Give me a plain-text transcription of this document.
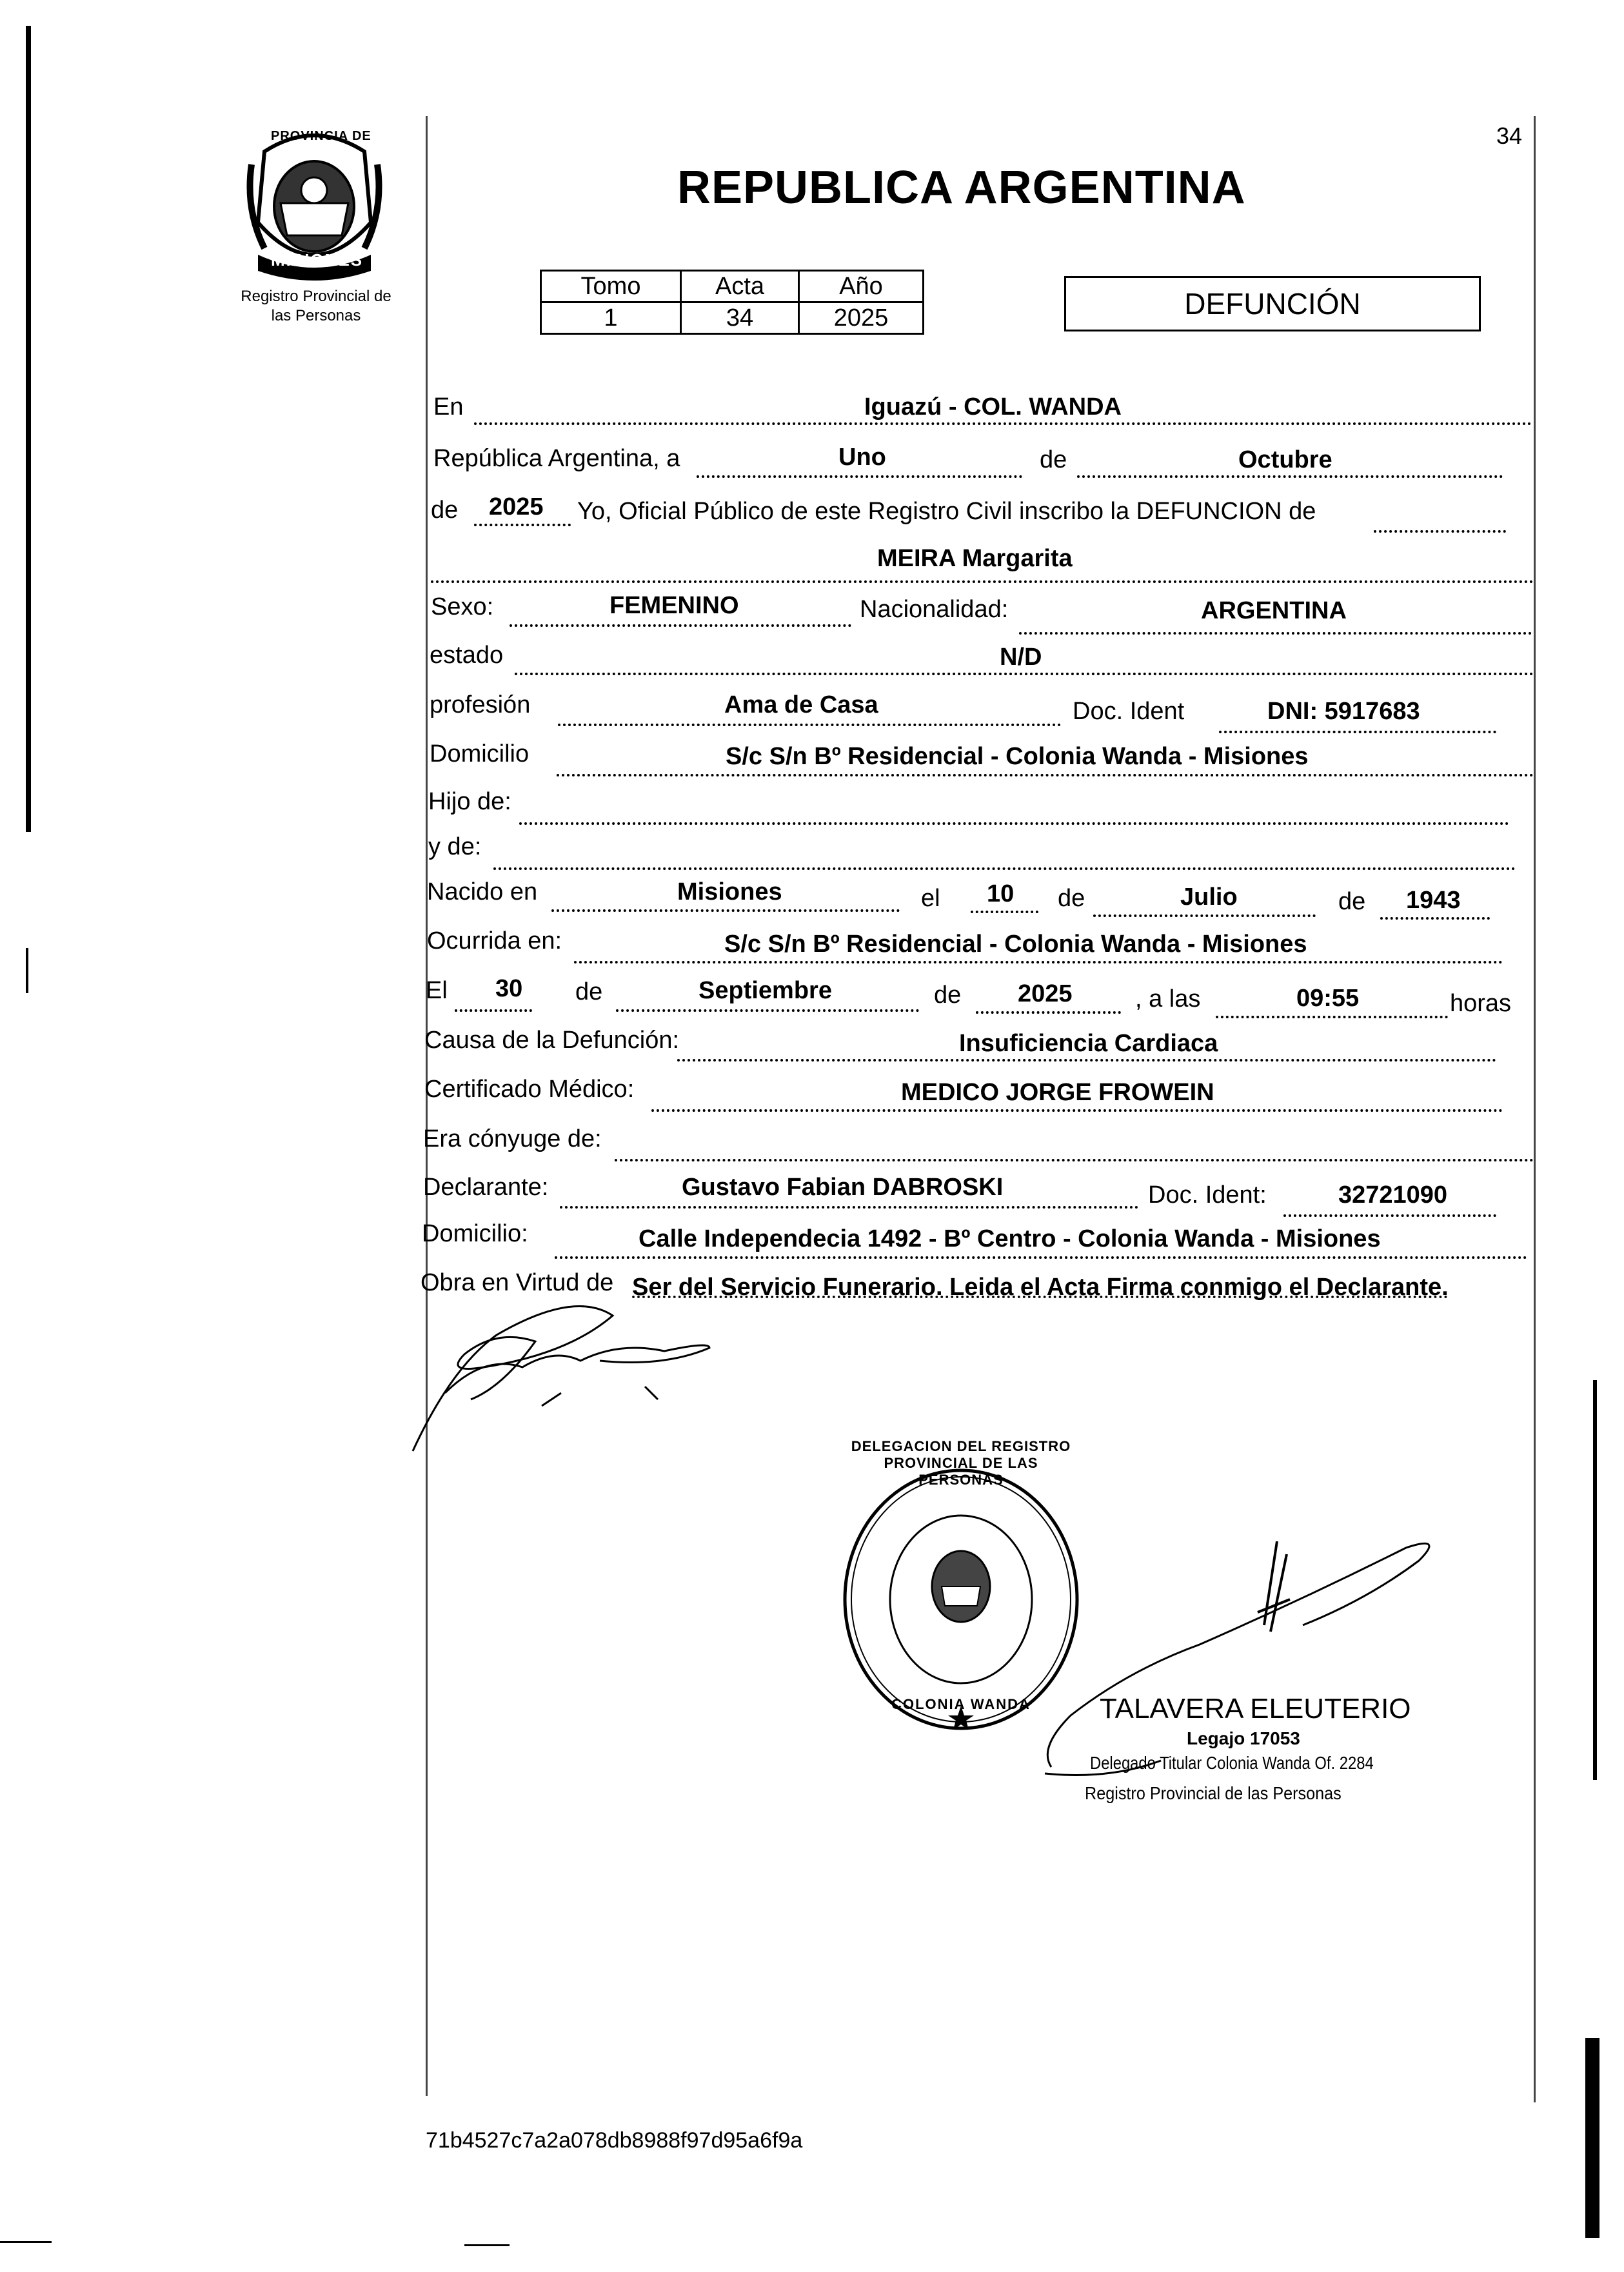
PROVINCIA DE
MISIONES
Registro Provincial de
las Personas
34
REPUBLICA ARGENTINA
Tomo	Acta	Año
1	34	2025	DEFUNCIÓN
En	Iguazú - COL. WANDA
República Argentina, a	Uno	de	Octubre
de 2025 Yo, Oficial Público de este Registro Civil inscribo la DEFUNCION de
MEIRA Margarita
Sexo:	FEMENINO	Nacionalidad:	ARGENTINA
estado	N/D
profesión	Ama de Casa	Doc. Ident	DNI: 5917683
Domicilio	S/c S/n Bº Residencial - Colonia Wanda - Misiones
Hijo de:
y de:
Nacido en	Misiones	el 10 de	Julio	de 1943
Ocurrida en:	S/c S/n Bº Residencial - Colonia Wanda - Misiones
El 30 de	Septiembre	de 2025	, a las	09:55	horas
Causa de la Defunción:	Insuficiencia Cardiaca
Certificado Médico:	MEDICO JORGE FROWEIN
Era cónyuge de:
Declarante:	Gustavo Fabian DABROSKI	Doc. Ident:	32721090
Domicilio:	Calle Independecia 1492 - Bº Centro - Colonia Wanda - Misiones
Obra en Virtud de Ser del Servicio Funerario. Leida el Acta Firma conmigo el Declarante.
DELEGACION DEL REGISTRO PROVINCIAL DE LAS PERSONAS
COLONIA WANDA	TALAVERA ELEUTERIO
Legajo 17053
Delegado Titular Colonia Wanda Of. 2284
Registro Provincial de las Personas
71b4527c7a2a078db8988f97d95a6f9a
